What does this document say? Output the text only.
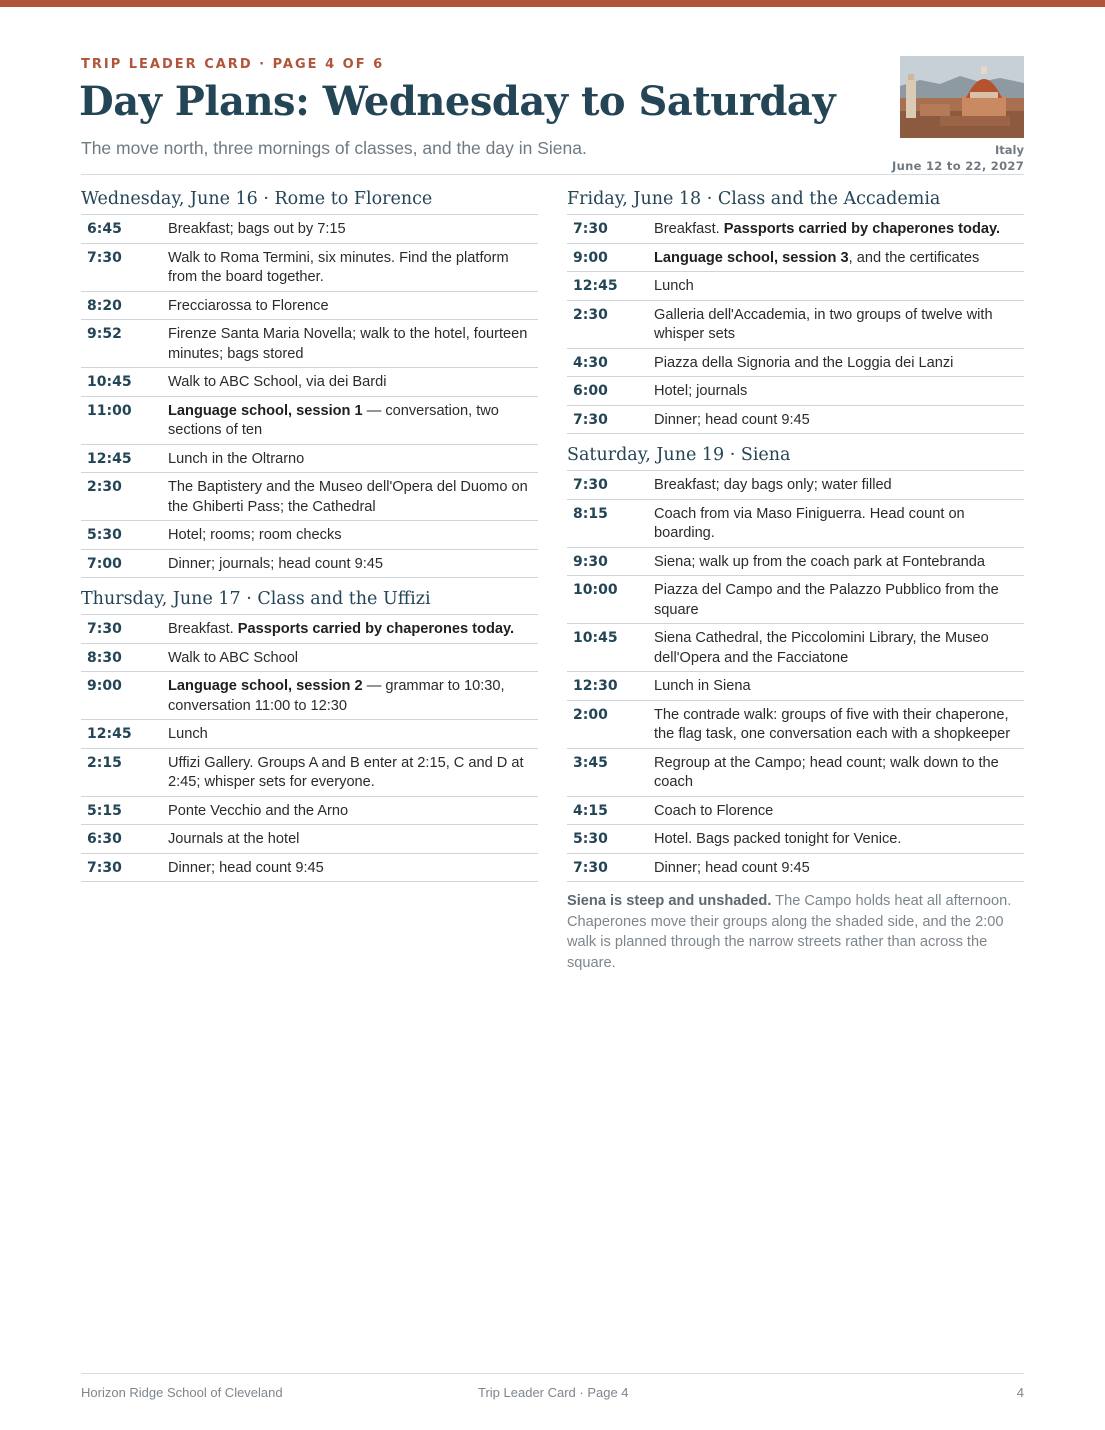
TRIP LEADER CARD · PAGE 4 OF 6
Day Plans: Wednesday to Saturday
The move north, three mornings of classes, and the day in Siena.	Italy
June 12 to 22, 2027
Wednesday, June 16 · Rome to Florence
6:45	Breakfast; bags out by 7:15
7:30	Walk to Roma Termini, six minutes. Find the platform from the board together.
8:20	Frecciarossa to Florence
9:52	Firenze Santa Maria Novella; walk to the hotel, fourteen minutes; bags stored
10:45	Walk to ABC School, via dei Bardi
11:00	Language school, session 1 — conversation, two sections of ten
12:45	Lunch in the Oltrarno
2:30	The Baptistery and the Museo dell'Opera del Duomo on the Ghiberti Pass; the Cathedral
5:30	Hotel; rooms; room checks
7:00	Dinner; journals; head count 9:45
Thursday, June 17 · Class and the Uffizi
7:30	Breakfast. Passports carried by chaperones today.
8:30	Walk to ABC School
9:00	Language school, session 2 — grammar to 10:30, conversation 11:00 to 12:30
12:45	Lunch
2:15	Uffizi Gallery. Groups A and B enter at 2:15, C and D at 2:45; whisper sets for everyone.
5:15	Ponte Vecchio and the Arno
6:30	Journals at the hotel
7:30	Dinner; head count 9:45
Friday, June 18 · Class and the Accademia
7:30	Breakfast. Passports carried by chaperones today.
9:00	Language school, session 3, and the certificates
12:45	Lunch
2:30	Galleria dell'Accademia, in two groups of twelve with whisper sets
4:30	Piazza della Signoria and the Loggia dei Lanzi
6:00	Hotel; journals
7:30	Dinner; head count 9:45
Saturday, June 19 · Siena
7:30	Breakfast; day bags only; water filled
8:15	Coach from via Maso Finiguerra. Head count on boarding.
9:30	Siena; walk up from the coach park at Fontebranda
10:00	Piazza del Campo and the Palazzo Pubblico from the square
10:45	Siena Cathedral, the Piccolomini Library, the Museo dell'Opera and the Facciatone
12:30	Lunch in Siena
2:00	The contrade walk: groups of five with their chaperone, the flag task, one conversation each with a shopkeeper
3:45	Regroup at the Campo; head count; walk down to the coach
4:15	Coach to Florence
5:30	Hotel. Bags packed tonight for Venice.
7:30	Dinner; head count 9:45

Siena is steep and unshaded. The Campo holds heat all afternoon. Chaperones move their groups along the shaded side, and the 2:00 walk is planned through the narrow streets rather than across the square.

Horizon Ridge School of Cleveland	Trip Leader Card · Page 4	4
